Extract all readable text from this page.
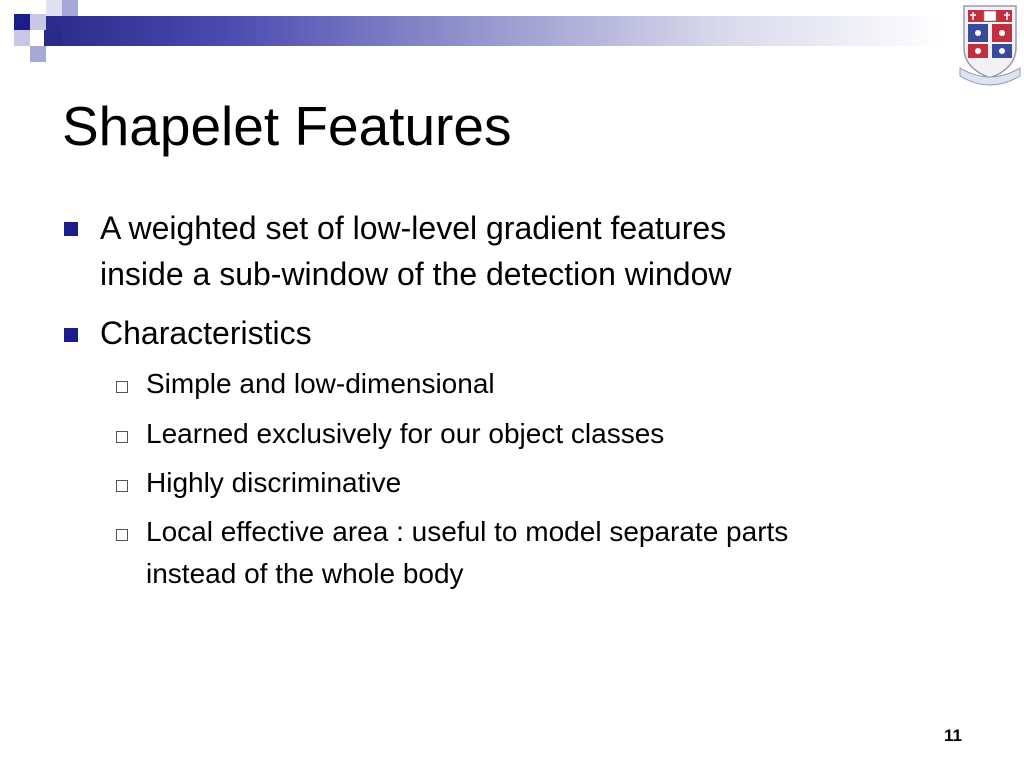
Shapelet Features
A weighted set of low-level gradient features
inside a sub-window of the detection window
Characteristics
Simple and low-dimensional
Learned exclusively for our object classes
Highly discriminative
Local effective area : useful to model separate parts
instead of the whole body
11
